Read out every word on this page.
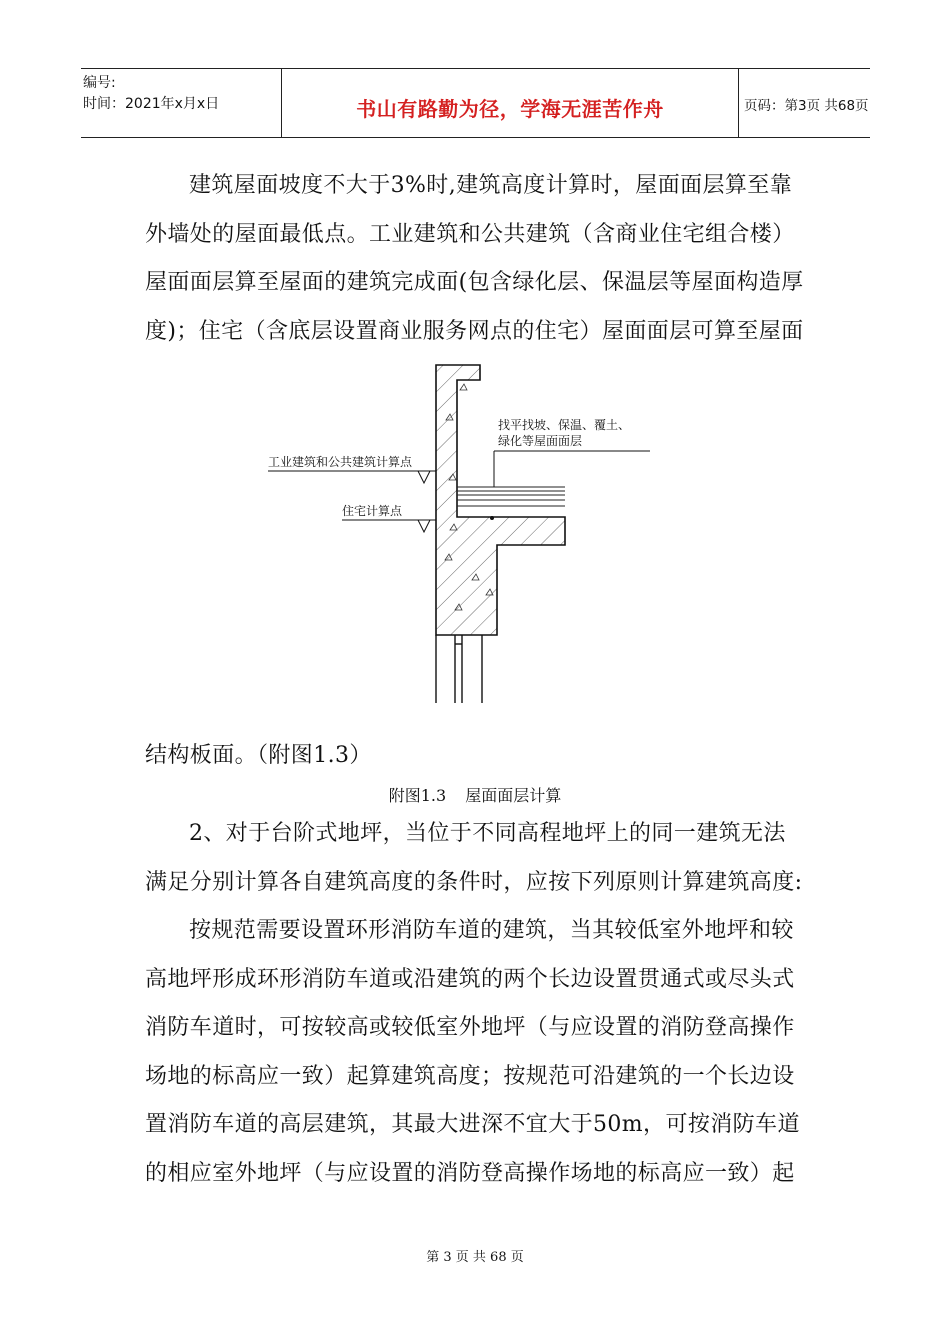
编号:
时间：2021年x月x日	书山有路勤为径，学海无涯苦作舟	页码：第3页 共68页

建筑屋面坡度不大于3%时,建筑高度计算时，屋面面层算至靠外墙处的屋面最低点。工业建筑和公共建筑（含商业住宅组合楼）屋面面层算至屋面的建筑完成面(包含绿化层、保温层等屋面构造厚度)；住宅（含底层设置商业服务网点的住宅）屋面面层可算至屋面

找平找坡、保温、覆土、
绿化等屋面面层
工业建筑和公共建筑计算点
住宅计算点

结构板面。（附图1.3）

附图1.3 屋面面层计算

2、对于台阶式地坪，当位于不同高程地坪上的同一建筑无法满足分别计算各自建筑高度的条件时，应按下列原则计算建筑高度:

按规范需要设置环形消防车道的建筑，当其较低室外地坪和较高地坪形成环形消防车道或沿建筑的两个长边设置贯通式或尽头式消防车道时，可按较高或较低室外地坪（与应设置的消防登高操作场地的标高应一致）起算建筑高度；按规范可沿建筑的一个长边设置消防车道的高层建筑，其最大进深不宜大于50m，可按消防车道的相应室外地坪（与应设置的消防登高操作场地的标高应一致）起

第 3 页 共 68 页
